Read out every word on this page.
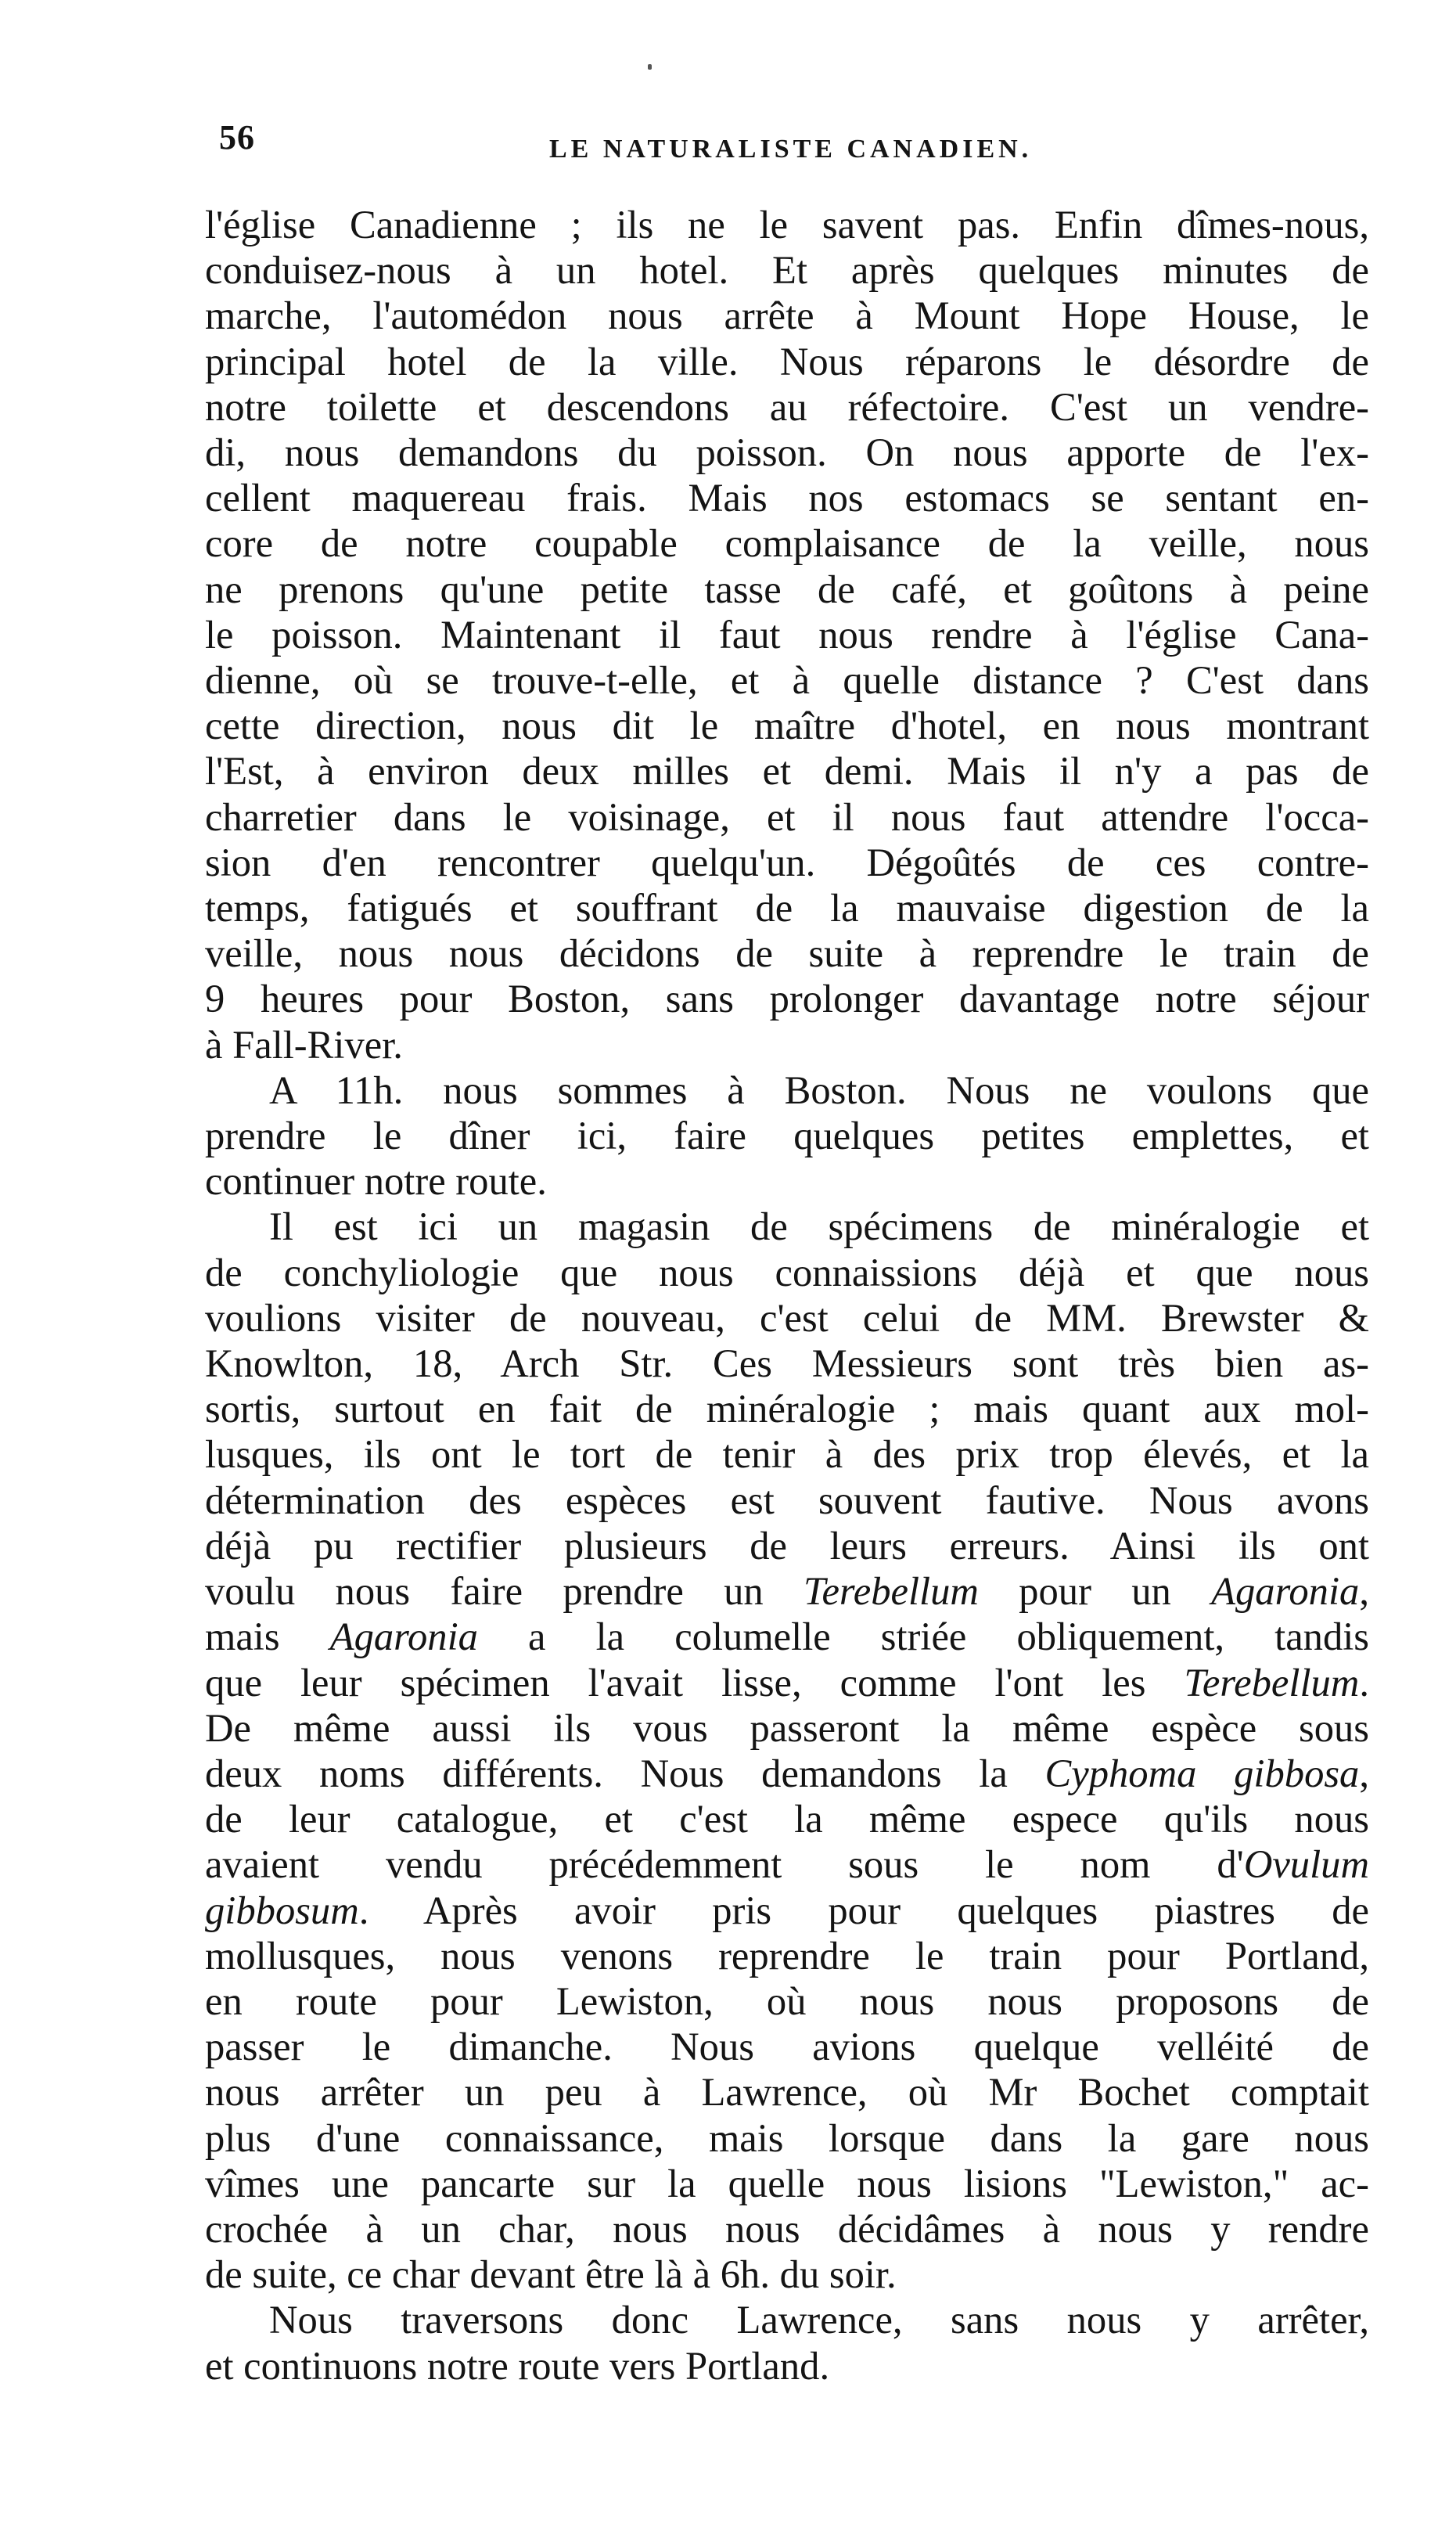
56	LE NATURALISTE CANADIEN.
l'église Canadienne ; ils ne le savent pas. Enfin dîmes-nous,
conduisez-nous à un hotel. Et après quelques minutes de
marche, l'automédon nous arrête à Mount Hope House, le
principal hotel de la ville. Nous réparons le désordre de
notre toilette et descendons au réfectoire. C'est un vendre-
di, nous demandons du poisson. On nous apporte de l'ex-
cellent maquereau frais. Mais nos estomacs se sentant en-
core de notre coupable complaisance de la veille, nous
ne prenons qu'une petite tasse de café, et goûtons à peine
le poisson. Maintenant il faut nous rendre à l'église Cana-
dienne, où se trouve-t-elle, et à quelle distance ? C'est dans
cette direction, nous dit le maître d'hotel, en nous montrant
l'Est, à environ deux milles et demi. Mais il n'y a pas de
charretier dans le voisinage, et il nous faut attendre l'occa-
sion d'en rencontrer quelqu'un. Dégoûtés de ces contre-
temps, fatigués et souffrant de la mauvaise digestion de la
veille, nous nous décidons de suite à reprendre le train de
9 heures pour Boston, sans prolonger davantage notre séjour
à Fall-River.
A 11h. nous sommes à Boston. Nous ne voulons que
prendre le dîner ici, faire quelques petites emplettes, et
continuer notre route.
Il est ici un magasin de spécimens de minéralogie et
de conchyliologie que nous connaissions déjà et que nous
voulions visiter de nouveau, c'est celui de MM. Brewster &
Knowlton, 18, Arch Str. Ces Messieurs sont très bien as-
sortis, surtout en fait de minéralogie ; mais quant aux mol-
lusques, ils ont le tort de tenir à des prix trop élevés, et la
détermination des espèces est souvent fautive. Nous avons
déjà pu rectifier plusieurs de leurs erreurs. Ainsi ils ont
voulu nous faire prendre un Terebellum pour un Agaronia,
mais Agaronia a la columelle striée obliquement, tandis
que leur spécimen l'avait lisse, comme l'ont les Terebellum.
De même aussi ils vous passeront la même espèce sous
deux noms différents. Nous demandons la Cyphoma gibbosa,
de leur catalogue, et c'est la même espece qu'ils nous
avaient vendu précédemment sous le nom d'Ovulum
gibbosum. Après avoir pris pour quelques piastres de
mollusques, nous venons reprendre le train pour Portland,
en route pour Lewiston, où nous nous proposons de
passer le dimanche. Nous avions quelque velléité de
nous arrêter un peu à Lawrence, où Mr Bochet comptait
plus d'une connaissance, mais lorsque dans la gare nous
vîmes une pancarte sur la quelle nous lisions "Lewiston," ac-
crochée à un char, nous nous décidâmes à nous y rendre
de suite, ce char devant être là à 6h. du soir.
Nous traversons donc Lawrence, sans nous y arrêter,
et continuons notre route vers Portland.
